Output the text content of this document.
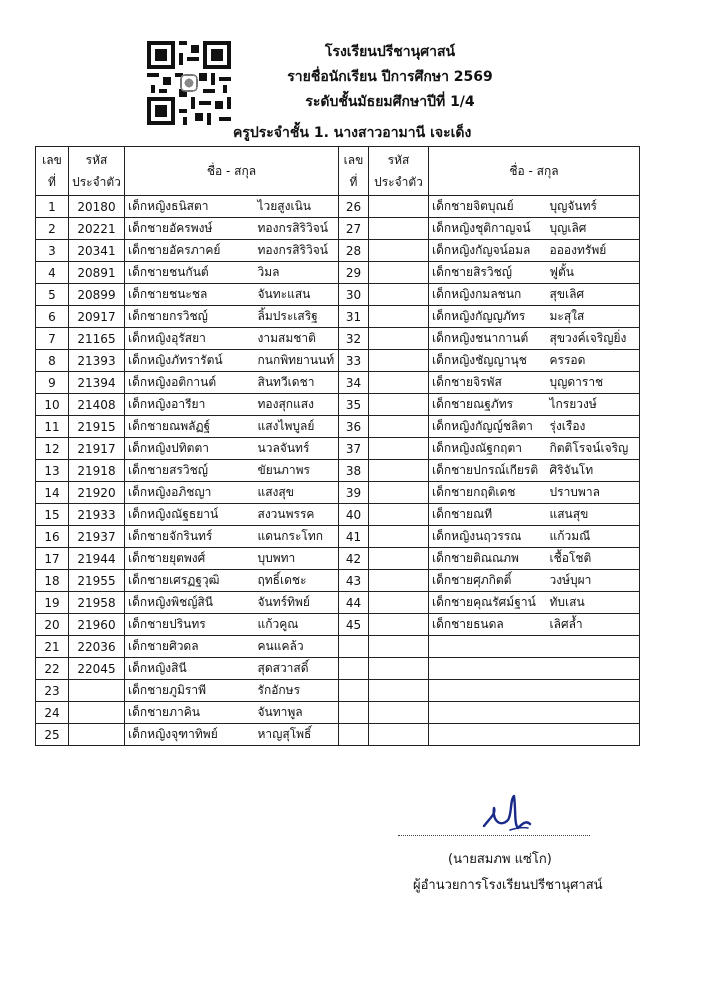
โรงเรียนปรีชานุศาสน์
รายชื่อนักเรียน ปีการศึกษา 2569
ระดับชั้นมัธยมศึกษาปีที่ 1/4
ครูประจำชั้น 1. นางสาวอามานี เจะเด็ง
เลข
ที่	รหัส
ประจำตัว	ชื่อ - สกุล		เลข
ที่	รหัส
ประจำตัว	ชื่อ - สกุล	
1	20180	เด็กหญิงธนิสตา	ไวยสูงเนิน	26		เด็กชายจิตบุณย์	บุญจันทร์
2	20221	เด็กชายอัครพงษ์	ทองกรสิริวิจน์	27		เด็กหญิงชุติกาญจน์	บุญเลิศ
3	20341	เด็กชายอัครภาคย์	ทองกรสิริวิจน์	28		เด็กหญิงกัญจน์อมล	ออองทรัพย์
4	20891	เด็กชายชนกันต์	วิมล	29		เด็กชายสิรวิชญ์	ฟูตั้น
5	20899	เด็กชายชนะชล	จันทะแสน	30		เด็กหญิงกมลชนก	สุขเลิศ
6	20917	เด็กชายกรวิชญ์	ลิ้มประเสริฐ	31		เด็กหญิงกัญญภัทร	มะสุใส
7	21165	เด็กหญิงอุรัสยา	งามสมชาติ	32		เด็กหญิงชนากานต์	สุขวงค์เจริญยิ่ง
8	21393	เด็กหญิงภัทรารัตน์	กนกพิทยานนท์	33		เด็กหญิงชัญญานุช	ครรอด
9	21394	เด็กหญิงอติกานต์	สินทวีเดชา	34		เด็กชายจิรพัส	บุญดาราช
10	21408	เด็กหญิงอารียา	ทองสุกแสง	35		เด็กชายณฐภัทร	ไกรยวงษ์
11	21915	เด็กชายณพลัฏฐ์	แสงไพบูลย์	36		เด็กหญิงกัญญ์ชลิตา	รุ่งเรือง
12	21917	เด็กหญิงปทิตตา	นวลจันทร์	37		เด็กหญิงณัฐกฤตา	กิตติโรจน์เจริญ
13	21918	เด็กชายสรวิชญ์	ขัยนภาพร	38		เด็กชายปกรณ์เกียรติ	ศิริจันโท
14	21920	เด็กหญิงอภิชญา	แสงสุข	39		เด็กชายกฤติเดช	ปราบพาล
15	21933	เด็กหญิงณัฐธยาน์	สงวนพรรค	40		เด็กชายณที	แสนสุข
16	21937	เด็กชายจักรินทร์	แดนกระโทก	41		เด็กหญิงนฤวรรณ	แก้วมณี
17	21944	เด็กชายยุตพงศ์	บุบพทา	42		เด็กชายติณณภพ	เชื้อโชติ
18	21955	เด็กชายเศรฏฐวุฒิ	ฤทธิ์เดชะ	43		เด็กชายศุภกิตติ์	วงษ์บุผา
19	21958	เด็กหญิงพิชญ์สินี	จันทร์ทิพย์	44		เด็กชายคุณรัศม์ฐาน์	ทับเสน
20	21960	เด็กชายปรินทร	แก้วคูณ	45		เด็กชายธนดล	เลิศล้ำ
21	22036	เด็กชายศิวดล	คนแคล้ว				
22	22045	เด็กหญิงสินี	สุดสวาสดิ์				
23		เด็กชายภูมิราพี	รักอักษร				
24		เด็กชายภาคิน	จันทาพูล				
25		เด็กหญิงจุฑาทิพย์	หาญสุโพธิ์				
(นายสมภพ แซ่โก)
ผู้อำนวยการโรงเรียนปรีชานุศาสน์
